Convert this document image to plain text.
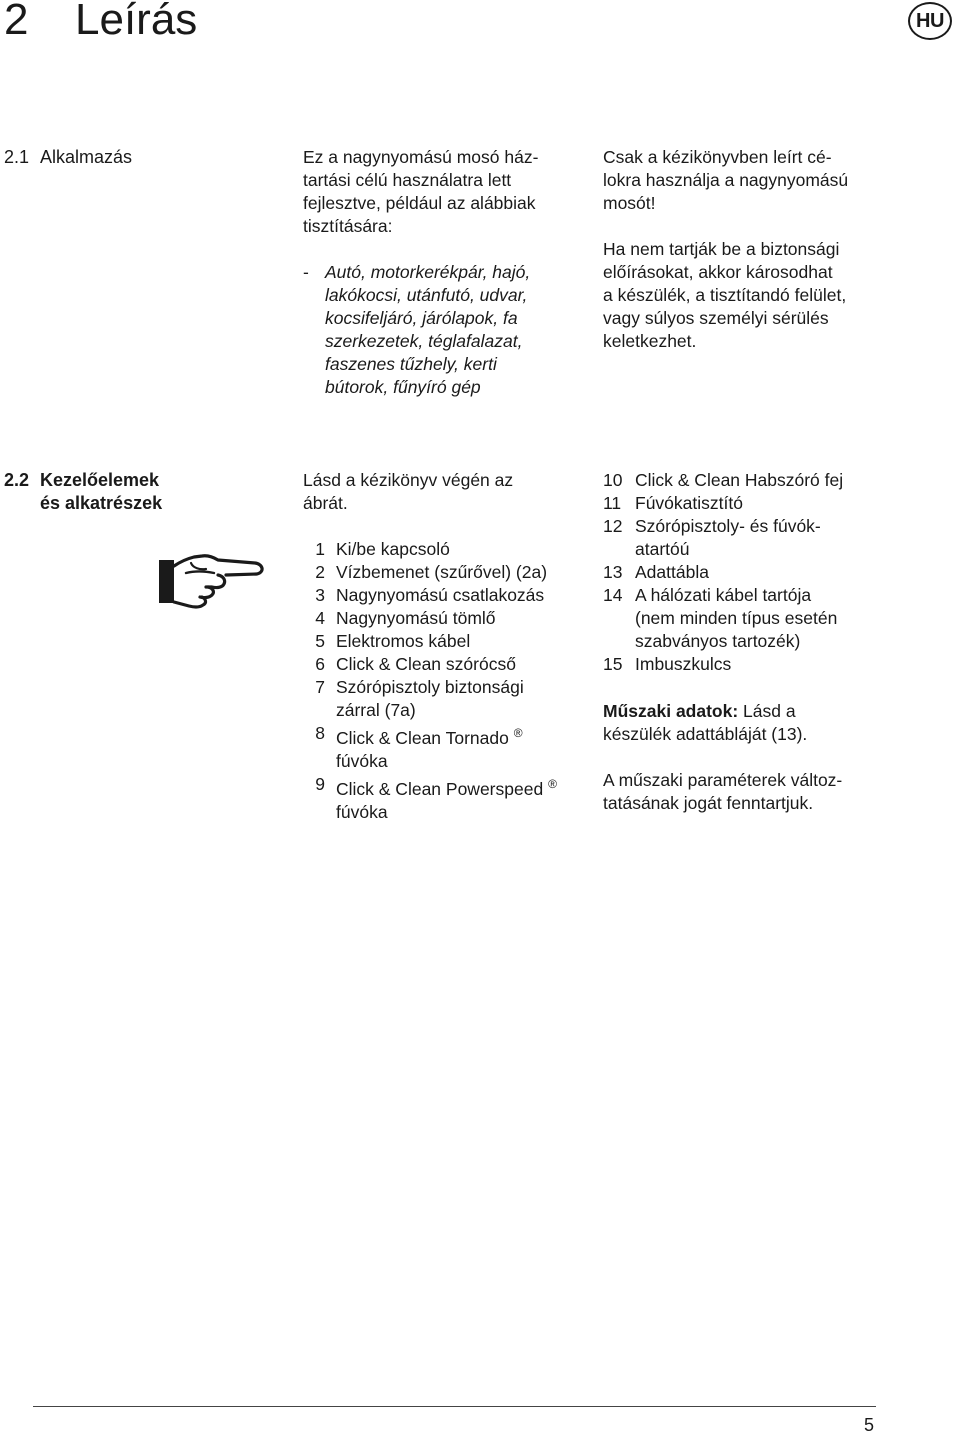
2 Leírás	HU
2.1 Alkalmazás	Ez a nagynyomású mosó ház-
tartási célú használatra lett
fejlesztve, például az alábbiak
tisztítására:
- Autó, motorkerékpár, hajó,
lakókocsi, utánfutó, udvar,
kocsifeljáró, járólapok, fa
szerkezetek, téglafalazat,
faszenes tűzhely, kerti
bútorok, fűnyíró gép
Csak a kézikönyvben leírt cé-
lokra használja a nagynyomású
mosót!
Ha nem tartják be a biztonsági
előírásokat, akkor károsodhat
a készülék, a tisztítandó felület,
vagy súlyos személyi sérülés
keletkezhet.
2.2 Kezelőelemek
és alkatrészek
Lásd a kézikönyv végén az
ábrát.
1 Ki/be kapcsoló
2 Vízbemenet (szűrővel) (2a)
3 Nagynyomású csatlakozás
4 Nagynyomású tömlő
5 Elektromos kábel
6 Click & Clean szórócső
7 Szórópisztoly biztonsági
zárral (7a)
8 Click & Clean Tornado ®
fúvóka
9 Click & Clean Powerspeed ®
fúvóka
10 Click & Clean Habszóró fej
11 Fúvókatisztító
12 Szórópisztoly- és fúvók-
atartóú
13 Adattábla
14 A hálózati kábel tartója
(nem minden típus esetén
szabványos tartozék)
15 Imbuszkulcs
Műszaki adatok: Lásd a
készülék adattábláját (13).
A műszaki paraméterek változ-
tatásának jogát fenntartjuk.
5
